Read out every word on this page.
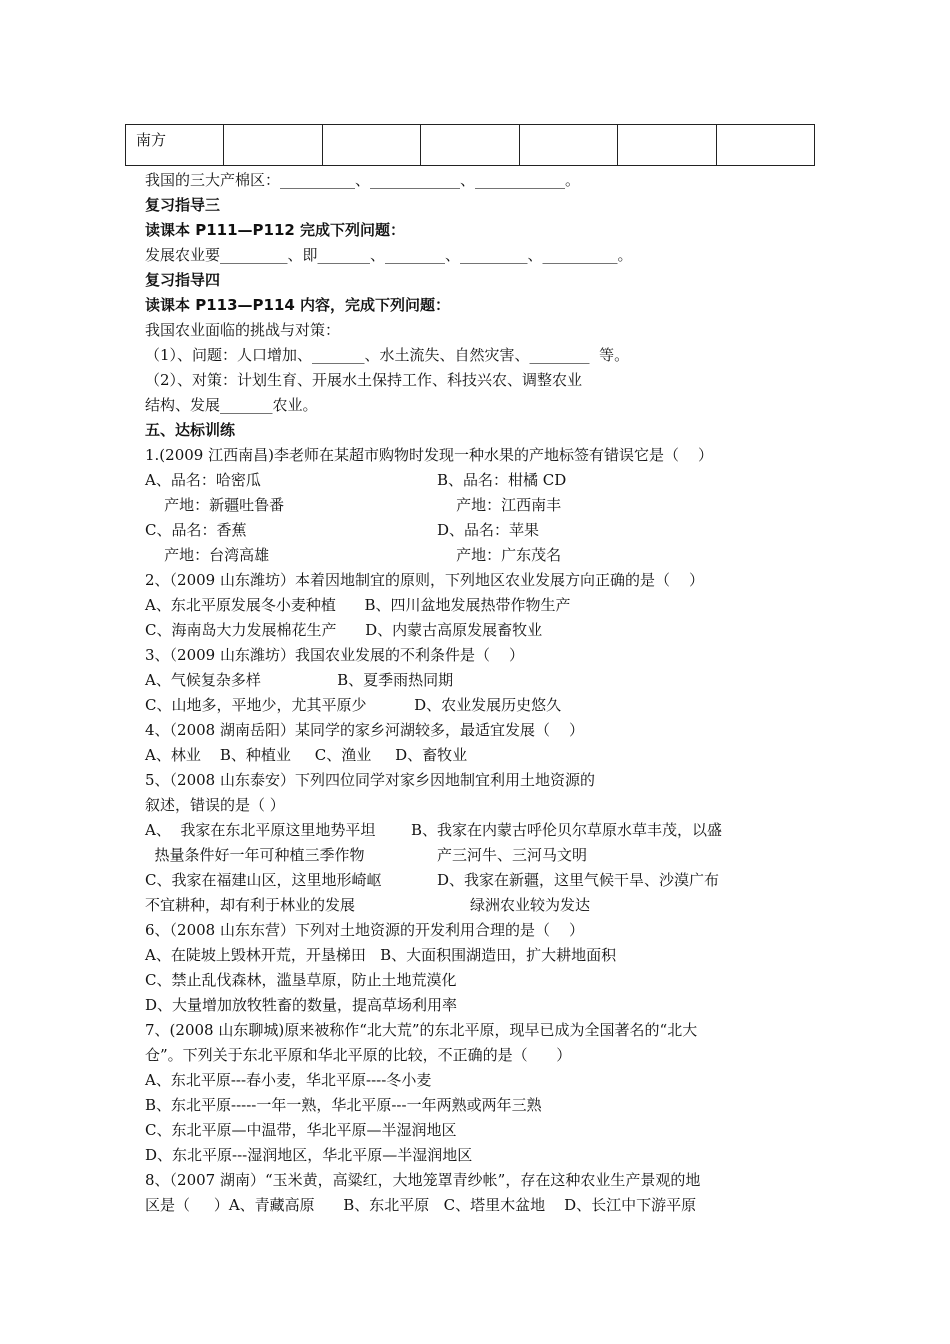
南方						
我国的三大产棉区：__________、____________、____________。
复习指导三
读课本 P111—P112 完成下列问题：
发展农业要_________、即_______、________、_________、__________。
复习指导四
读课本 P113—P114 内容，完成下列问题：
我国农业面临的挑战与对策：
（1）、问题：人口增加、_______、水土流失、自然灾害、________  等。
（2）、对策：计划生育、开展水土保持工作、科技兴农、调整农业
结构、发展_______农业。
五、达标训练
1.(2009 江西南昌)李老师在某超市购物时发现一种水果的产地标签有错误它是（    ）
A、品名：哈密瓜	B、品名：柑橘 CD
产地：新疆吐鲁番	产地：江西南丰
C、品名：香蕉	D、品名：苹果
产地：台湾高雄	产地：广东茂名
2、（2009 山东潍坊）本着因地制宜的原则，下列地区农业发展方向正确的是（    ）
A、东北平原发展冬小麦种植      B、四川盆地发展热带作物生产
C、海南岛大力发展棉花生产      D、内蒙古高原发展畜牧业
3、（2009 山东潍坊）我国农业发展的不利条件是（    ）
A、气候复杂多样                B、夏季雨热同期
C、山地多，平地少，尤其平原少          D、农业发展历史悠久
4、（2008 湖南岳阳）某同学的家乡河湖较多，最适宜发展（    ）
A、林业    B、种植业     C、渔业     D、畜牧业
5、（2008 山东泰安）下列四位同学对家乡因地制宜利用土地资源的
叙述，错误的是（ ）
A、  我家在东北平原这里地势平坦 B、我家在内蒙古呼伦贝尔草原水草丰茂，以盛
热量条件好一年可种植三季作物	产三河牛、三河马文明
C、我家在福建山区，这里地形崎岖	D、我家在新疆，这里气候干旱、沙漠广布
不宜耕种，却有利于林业的发展	绿洲农业较为发达
6、（2008 山东东营）下列对土地资源的开发利用合理的是（    ）
A、在陡坡上毁林开荒，开垦梯田   B、大面积围湖造田，扩大耕地面积
C、禁止乱伐森林，滥垦草原，防止土地荒漠化
D、大量增加放牧牲畜的数量，提高草场利用率
7、(2008 山东聊城)原来被称作“北大荒”的东北平原，现早已成为全国著名的“北大
仓”。下列关于东北平原和华北平原的比较，不正确的是（      ）
A、东北平原---春小麦，华北平原----冬小麦
B、东北平原-----一年一熟，华北平原---一年两熟或两年三熟
C、东北平原—中温带，华北平原—半湿润地区
D、东北平原---湿润地区，华北平原—半湿润地区
8、（2007 湖南）“玉米黄，高粱红，大地笼罩青纱帐”，存在这种农业生产景观的地
区是（     ）A、青藏高原      B、东北平原   C、塔里木盆地    D、长江中下游平原
